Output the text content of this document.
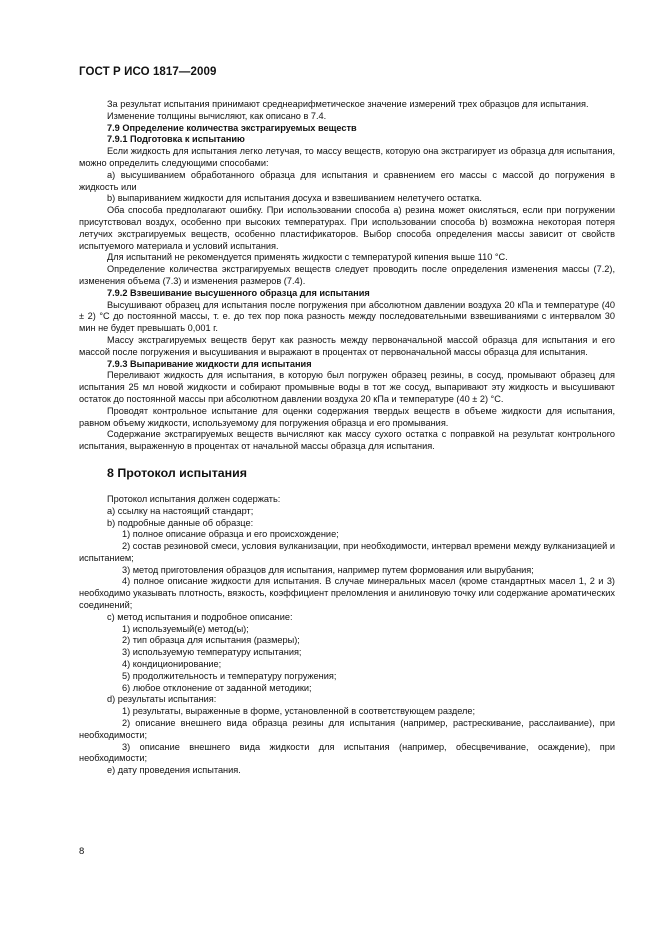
ГОСТ Р ИСО 1817—2009

За результат испытания принимают среднеарифметическое значение измерений трех образцов для испытания.

Изменение толщины вычисляют, как описано в 7.4.

7.9 Определение количества экстрагируемых веществ

7.9.1 Подготовка к испытанию

Если жидкость для испытания легко летучая, то массу веществ, которую она экстрагирует из образца для испытания, можно определить следующими способами:

a) высушиванием обработанного образца для испытания и сравнением его массы с массой до погружения в жидкость или

b) выпариванием жидкости для испытания досуха и взвешиванием нелетучего остатка.

Оба способа предполагают ошибку. При использовании способа a) резина может окисляться, если при погружении присутствовал воздух, особенно при высоких температурах. При использовании способа b) возможна некоторая потеря летучих экстрагируемых веществ, особенно пластификаторов. Выбор способа определения массы зависит от свойств испытуемого материала и условий испытания.

Для испытаний не рекомендуется применять жидкости с температурой кипения выше 110 °С.

Определение количества экстрагируемых веществ следует проводить после определения изменения массы (7.2), изменения объема (7.3) и изменения размеров (7.4).

7.9.2 Взвешивание высушенного образца для испытания

Высушивают образец для испытания после погружения при абсолютном давлении воздуха 20 кПа и температуре (40 ± 2) °С до постоянной массы, т. е. до тех пор пока разность между последовательными взвешиваниями с интервалом 30 мин не будет превышать 0,001 г.

Массу экстрагируемых веществ берут как разность между первоначальной массой образца для испытания и его массой после погружения и высушивания и выражают в процентах от первоначальной массы образца для испытания.

7.9.3 Выпаривание жидкости для испытания

Переливают жидкость для испытания, в которую был погружен образец резины, в сосуд, промывают образец для испытания 25 мл новой жидкости и собирают промывные воды в тот же сосуд, выпаривают эту жидкость и высушивают остаток до постоянной массы при абсолютном давлении воздуха 20 кПа и температуре (40 ± 2) °С.

Проводят контрольное испытание для оценки содержания твердых веществ в объеме жидкости для испытания, равном объему жидкости, используемому для погружения образца и его промывания.

Содержание экстрагируемых веществ вычисляют как массу сухого остатка с поправкой на результат контрольного испытания, выраженную в процентах от начальной массы образца для испытания.

8 Протокол испытания

Протокол испытания должен содержать:

a) ссылку на настоящий стандарт;

b) подробные данные об образце:

1) полное описание образца и его происхождение;

2) состав резиновой смеси, условия вулканизации, при необходимости, интервал времени между вулканизацией и испытанием;

3) метод приготовления образцов для испытания, например путем формования или вырубания;

4) полное описание жидкости для испытания. В случае минеральных масел (кроме стандартных масел 1, 2 и 3) необходимо указывать плотность, вязкость, коэффициент преломления и анилиновую точку или содержание ароматических соединений;

c) метод испытания и подробное описание:

1) используемый(е) метод(ы);

2) тип образца для испытания (размеры);

3) используемую температуру испытания;

4) кондиционирование;

5) продолжительность и температуру погружения;

6) любое отклонение от заданной методики;

d) результаты испытания:

1) результаты, выраженные в форме, установленной в соответствующем разделе;

2) описание внешнего вида образца резины для испытания (например, растрескивание, расслаивание), при необходимости;

3) описание внешнего вида жидкости для испытания (например, обесцвечивание, осаждение), при необходимости;

e) дату проведения испытания.

8
